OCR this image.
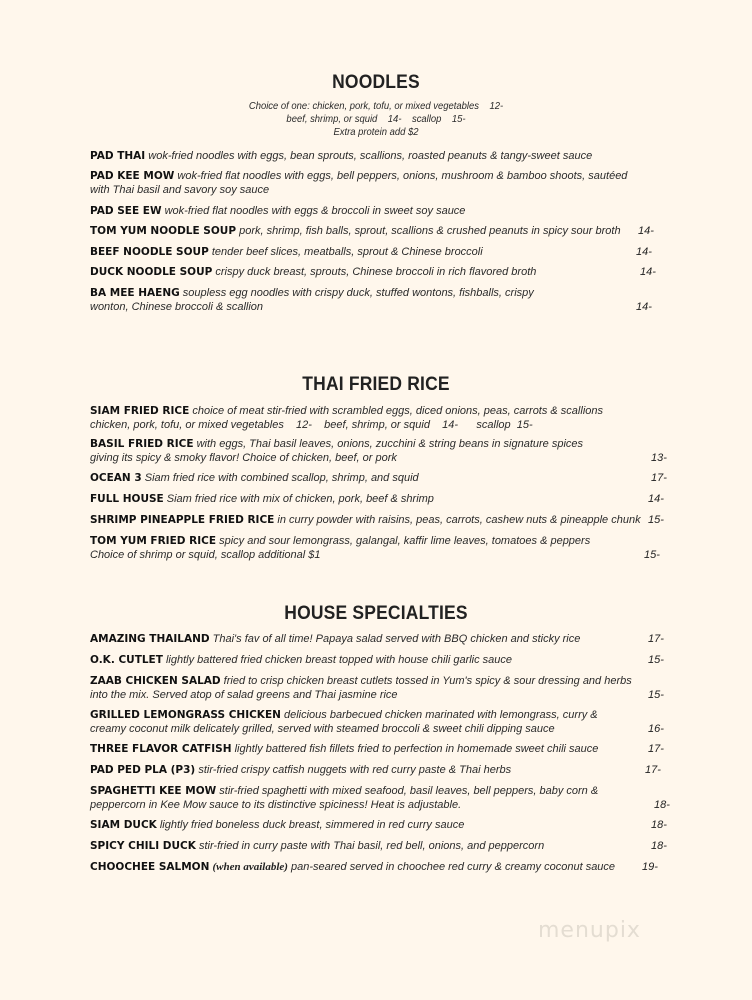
NOODLES
Choice of one: chicken, pork, tofu, or mixed vegetables    12-
beef, shrimp, or squid    14-    scallop    15-
Extra protein add $2
PAD THAI wok-fried noodles with eggs, bean sprouts, scallions, roasted peanuts & tangy-sweet sauce
PAD KEE MOW wok-fried flat noodles with eggs, bell peppers, onions, mushroom & bamboo shoots, sautéed with Thai basil and savory soy sauce
PAD SEE EW wok-fried flat noodles with eggs & broccoli in sweet soy sauce
TOM YUM NOODLE SOUP pork, shrimp, fish balls, sprout, scallions & crushed peanuts in spicy sour broth 14-
BEEF NOODLE SOUP tender beef slices, meatballs, sprout & Chinese broccoli	14-
DUCK NOODLE SOUP crispy duck breast, sprouts, Chinese broccoli in rich flavored broth	14-
BA MEE HAENG soupless egg noodles with crispy duck, stuffed wontons, fishballs, crispy wonton, Chinese broccoli & scallion	14-
THAI FRIED RICE
SIAM FRIED RICE choice of meat stir-fried with scrambled eggs, diced onions, peas, carrots & scallions
chicken, pork, tofu, or mixed vegetables    12-    beef, shrimp, or squid    14-      scallop  15-
BASIL FRIED RICE with eggs, Thai basil leaves, onions, zucchini & string beans in signature spices giving its spicy & smoky flavor! Choice of chicken, beef, or pork	13-
OCEAN 3 Siam fried rice with combined scallop, shrimp, and squid	17-
FULL HOUSE Siam fried rice with mix of chicken, pork, beef & shrimp	14-
SHRIMP PINEAPPLE FRIED RICE in curry powder with raisins, peas, carrots, cashew nuts & pineapple chunk 15-
TOM YUM FRIED RICE spicy and sour lemongrass, galangal, kaffir lime leaves, tomatoes & peppers
Choice of shrimp or squid, scallop additional $1	15-
HOUSE SPECIALTIES
AMAZING THAILAND Thai's fav of all time! Papaya salad served with BBQ chicken and sticky rice	17-
O.K. CUTLET lightly battered fried chicken breast topped with house chili garlic sauce	15-
ZAAB CHICKEN SALAD fried to crisp chicken breast cutlets tossed in Yum's spicy & sour dressing and herbs into the mix. Served atop of salad greens and Thai jasmine rice	15-
GRILLED LEMONGRASS CHICKEN delicious barbecued chicken marinated with lemongrass, curry & creamy coconut milk delicately grilled, served with steamed broccoli & sweet chili dipping sauce	16-
THREE FLAVOR CATFISH lightly battered fish fillets fried to perfection in homemade sweet chili sauce	17-
PAD PED PLA (P3) stir-fried crispy catfish nuggets with red curry paste & Thai herbs	17-
SPAGHETTI KEE MOW stir-fried spaghetti with mixed seafood, basil leaves, bell peppers, baby corn & peppercorn in Kee Mow sauce to its distinctive spiciness! Heat is adjustable.	18-
SIAM DUCK lightly fried boneless duck breast, simmered in red curry sauce	18-
SPICY CHILI DUCK stir-fried in curry paste with Thai basil, red bell, onions, and peppercorn	18-
CHOOCHEE SALMON (when available) pan-seared served in choochee red curry & creamy coconut sauce 19-
menupix
